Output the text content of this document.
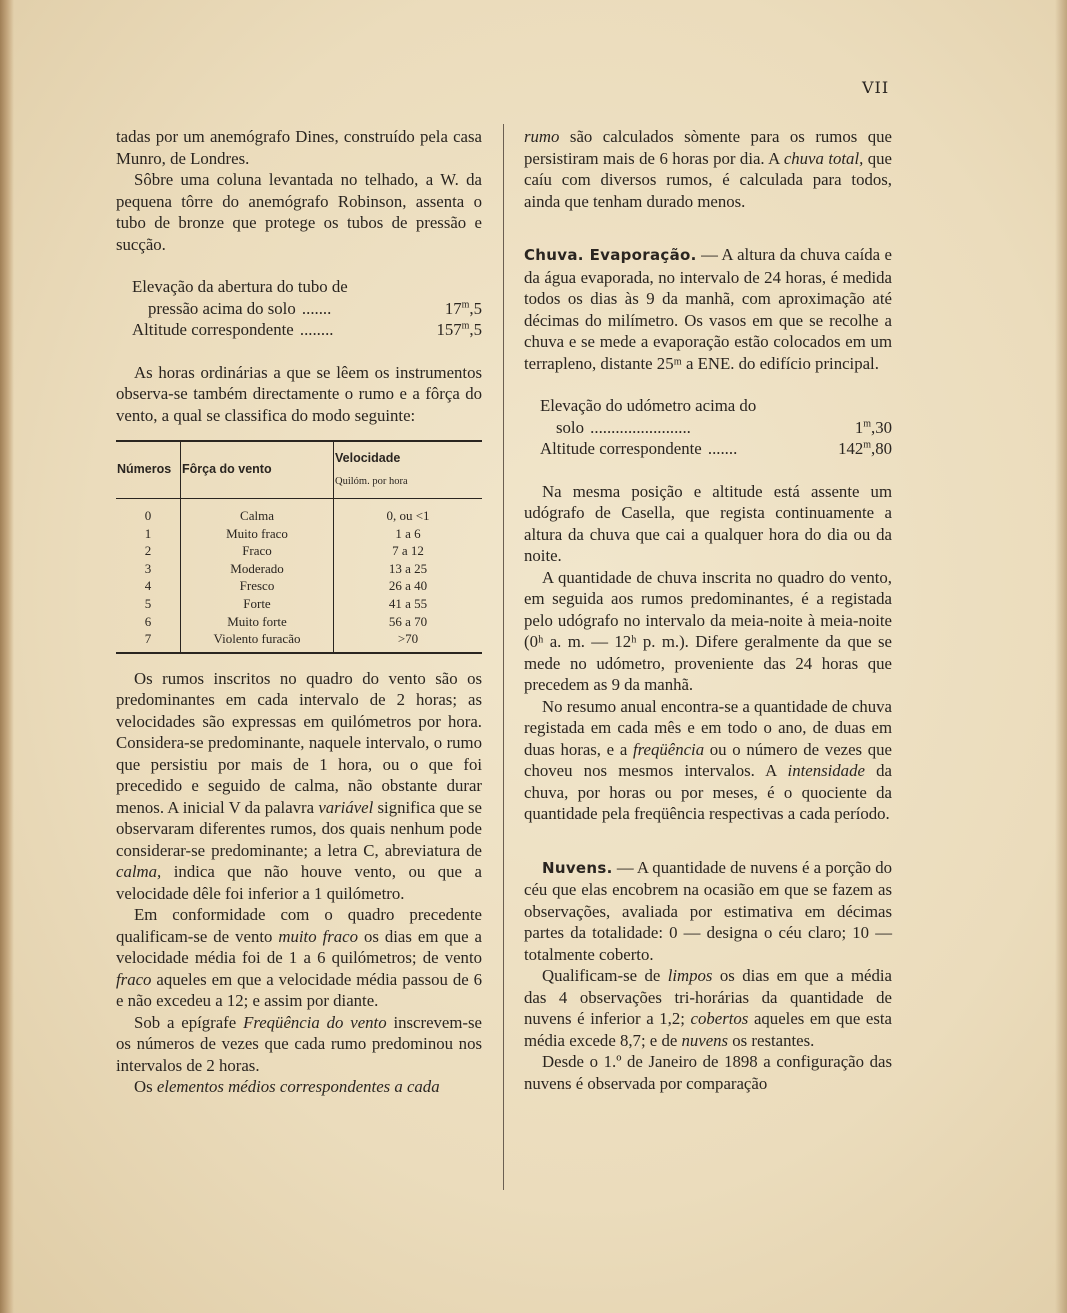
VII

tadas por um anemógrafo Dines, construído pela casa Munro, de Londres.

Sôbre uma coluna levantada no telhado, a W. da pequena tôrre do anemógrafo Robinson, assenta o tubo de bronze que protege os tubos de pressão e sucção.

Elevação da abertura do tubo de
pressão acima do solo .......	17$^m$,5
Altitude correspondente ........	157$^m$,5

As horas ordinárias a que se lêem os instrumentos observa-se também directamente o rumo e a fôrça do vento, a qual se classifica do modo seguinte:

Números	Fôrça do vento	Velocidade
Quilóm. por hora

0	Calma	0, ou <1
1	Muito fraco	1 a 6
2	Fraco	7 a 12
3	Moderado	13 a 25
4	Fresco	26 a 40
5	Forte	41 a 55
6	Muito forte	56 a 70
7	Violento furacão	>70

Os rumos inscritos no quadro do vento são os predominantes em cada intervalo de 2 horas; as velocidades são expressas em quilómetros por hora. Considera-se predominante, naquele intervalo, o rumo que persistiu por mais de 1 hora, ou o que foi precedido e seguido de calma, não obstante durar menos. A inicial V da palavra variável significa que se observaram diferentes rumos, dos quais nenhum pode considerar-se predominante; a letra C, abreviatura de calma, indica que não houve vento, ou que a velocidade dêle foi inferior a 1 quilómetro.

Em conformidade com o quadro precedente qualificam-se de vento muito fraco os dias em que a velocidade média foi de 1 a 6 quilómetros; de vento fraco aqueles em que a velocidade média passou de 6 e não excedeu a 12; e assim por diante.

Sob a epígrafe Freqüência do vento inscrevem-se os números de vezes que cada rumo predominou nos intervalos de 2 horas.

Os elementos médios correspondentes a cada

rumo são calculados sòmente para os rumos que persistiram mais de 6 horas por dia. A chuva total, que caíu com diversos rumos, é calculada para todos, ainda que tenham durado menos.

Chuva. Evaporação. — A altura da chuva caída e da água evaporada, no intervalo de 24 horas, é medida todos os dias às 9 da manhã, com aproximação até décimas do milímetro. Os vasos em que se recolhe a chuva e se mede a evaporação estão colocados em um terrapleno, distante 25ᵐ a ENE. do edifício principal.

Elevação do udómetro acima do
solo ........................	1$^m$,30
Altitude correspondente .......	142$^m$,80

Na mesma posição e altitude está assente um udógrafo de Casella, que regista continuamente a altura da chuva que cai a qualquer hora do dia ou da noite.

A quantidade de chuva inscrita no quadro do vento, em seguida aos rumos predominantes, é a registada pelo udógrafo no intervalo da meia-noite à meia-noite (0ʰ a. m. — 12ʰ p. m.). Difere geralmente da que se mede no udómetro, proveniente das 24 horas que precedem as 9 da manhã.

No resumo anual encontra-se a quantidade de chuva registada em cada mês e em todo o ano, de duas em duas horas, e a freqüência ou o número de vezes que choveu nos mesmos intervalos. A intensidade da chuva, por horas ou por meses, é o quociente da quantidade pela freqüência respectivas a cada período.

Nuvens. — A quantidade de nuvens é a porção do céu que elas encobrem na ocasião em que se fazem as observações, avaliada por estimativa em décimas partes da totalidade: 0 — designa o céu claro; 10 — totalmente coberto.

Qualificam-se de limpos os dias em que a média das 4 observações tri-horárias da quantidade de nuvens é inferior a 1,2; cobertos aqueles em que esta média excede 8,7; e de nuvens os restantes.

Desde o 1.º de Janeiro de 1898 a configuração das nuvens é observada por comparação
